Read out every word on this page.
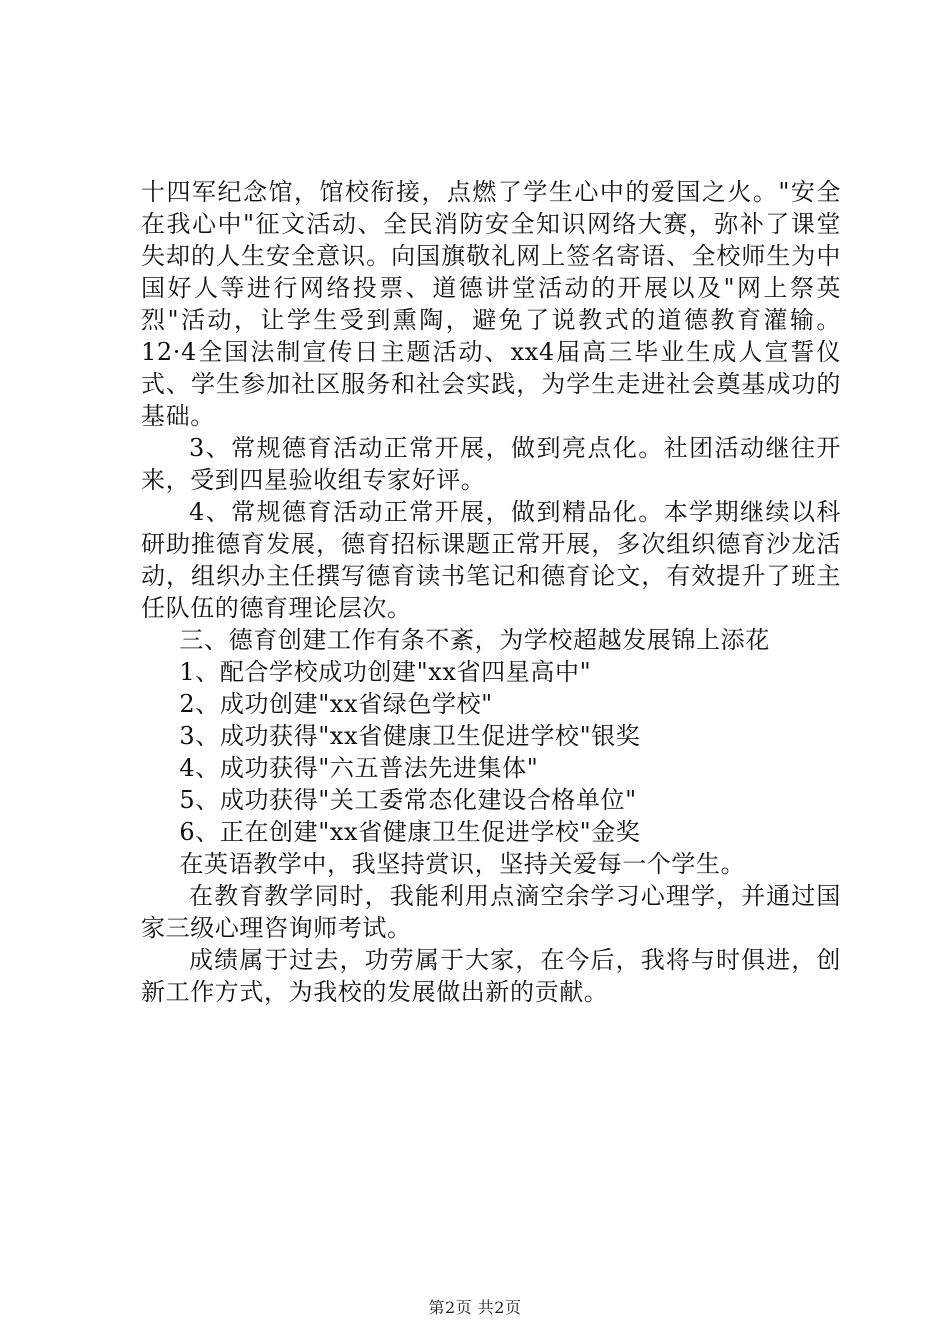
十四军纪念馆，馆校衔接，点燃了学生心中的爱国之火。"安全在我心中"征文活动、全民消防安全知识网络大赛，弥补了课堂失却的人生安全意识。向国旗敬礼网上签名寄语、全校师生为中国好人等进行网络投票、道德讲堂活动的开展以及"网上祭英烈"活动，让学生受到熏陶，避免了说教式的道德教育灌输。12·4全国法制宣传日主题活动、xx4届高三毕业生成人宣誓仪式、学生参加社区服务和社会实践，为学生走进社会奠基成功的基础。

3、常规德育活动正常开展，做到亮点化。社团活动继往开来，受到四星验收组专家好评。

4、常规德育活动正常开展，做到精品化。本学期继续以科研助推德育发展，德育招标课题正常开展，多次组织德育沙龙活动，组织办主任撰写德育读书笔记和德育论文，有效提升了班主任队伍的德育理论层次。

三、德育创建工作有条不紊，为学校超越发展锦上添花

1、配合学校成功创建"xx省四星高中"

2、成功创建"xx省绿色学校"

3、成功获得"xx省健康卫生促进学校"银奖

4、成功获得"六五普法先进集体"

5、成功获得"关工委常态化建设合格单位"

6、正在创建"xx省健康卫生促进学校"金奖

在英语教学中，我坚持赏识，坚持关爱每一个学生。

在教育教学同时，我能利用点滴空余学习心理学，并通过国家三级心理咨询师考试。

成绩属于过去，功劳属于大家，在今后，我将与时俱进，创新工作方式，为我校的发展做出新的贡献。

第2页 共2页
